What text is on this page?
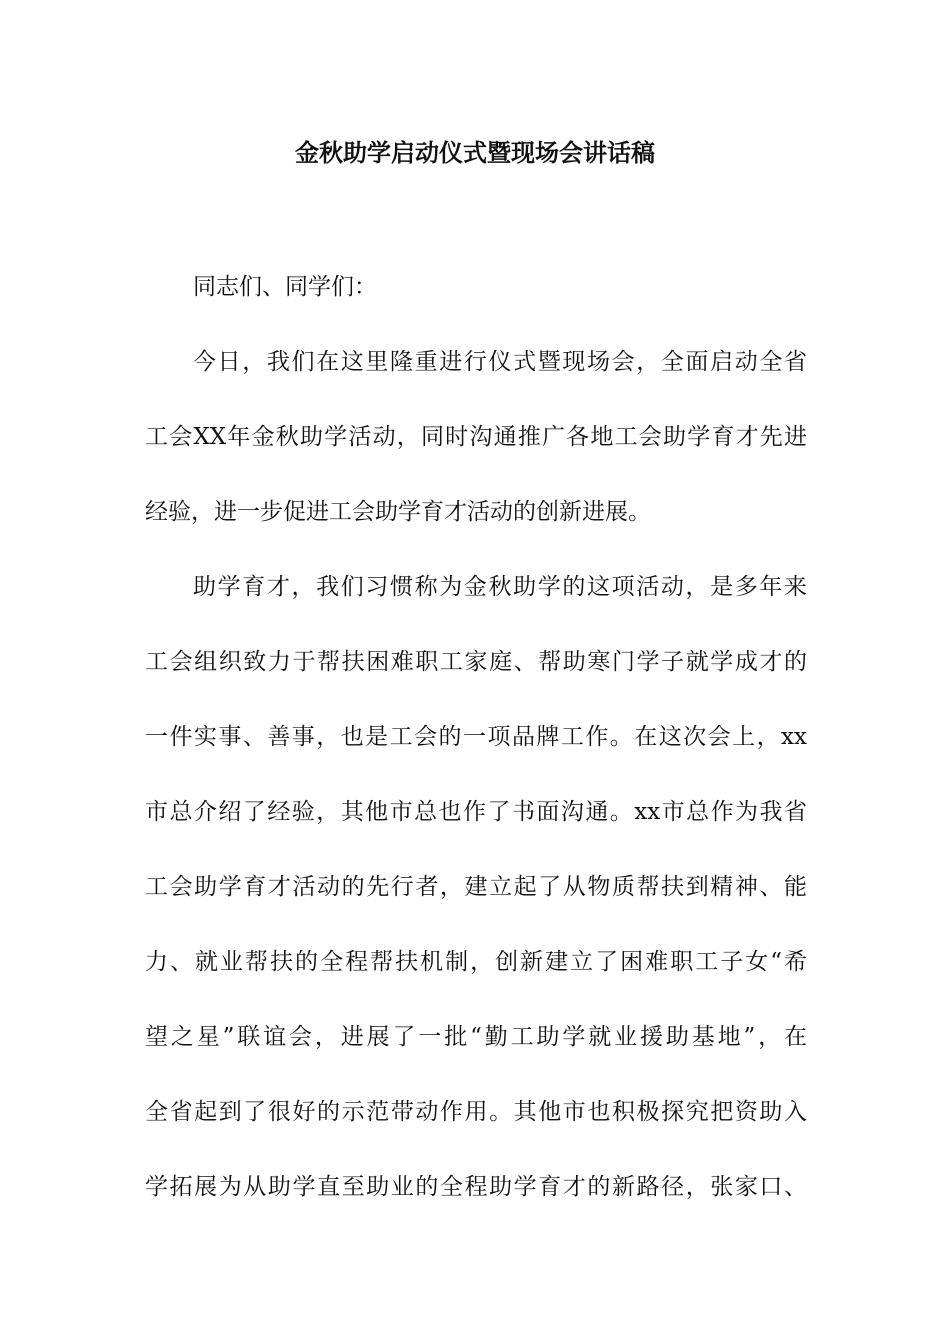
金秋助学启动仪式暨现场会讲话稿
同志们、同学们：
今日，我们在这里隆重进行仪式暨现场会，全面启动全省
工会XX年金秋助学活动，同时沟通推广各地工会助学育才先进
经验，进一步促进工会助学育才活动的创新进展。
助学育才，我们习惯称为金秋助学的这项活动，是多年来
工会组织致力于帮扶困难职工家庭、帮助寒门学子就学成才的
一件实事、善事，也是工会的一项品牌工作。在这次会上，xx
市总介绍了经验，其他市总也作了书面沟通。xx市总作为我省
工会助学育才活动的先行者，建立起了从物质帮扶到精神、能
力、就业帮扶的全程帮扶机制，创新建立了困难职工子女“希
望之星”联谊会，进展了一批“勤工助学就业援助基地”，在
全省起到了很好的示范带动作用。其他市也积极探究把资助入
学拓展为从助学直至助业的全程助学育才的新路径，张家口、
